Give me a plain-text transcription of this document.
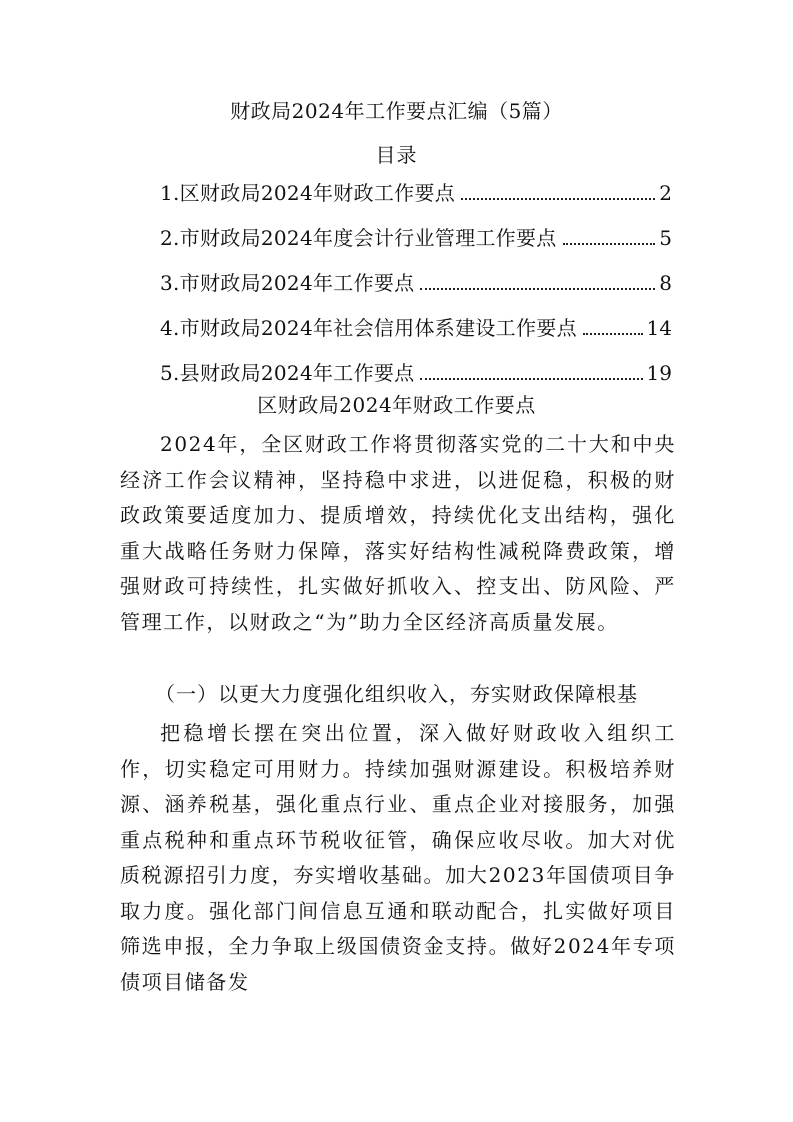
财政局2024年工作要点汇编（5篇）
目录
1.区财政局2024年财政工作要点	2
2.市财政局2024年度会计行业管理工作要点	5
3.市财政局2024年工作要点	8
4.市财政局2024年社会信用体系建设工作要点	14
5.县财政局2024年工作要点	19
区财政局2024年财政工作要点

2024年，全区财政工作将贯彻落实党的二十大和中央经济工作会议精神，坚持稳中求进，以进促稳，积极的财政政策要适度加力、提质增效，持续优化支出结构，强化重大战略任务财力保障，落实好结构性减税降费政策，增强财政可持续性，扎实做好抓收入、控支出、防风险、严管理工作，以财政之“为”助力全区经济高质量发展。

（一）以更大力度强化组织收入，夯实财政保障根基

把稳增长摆在突出位置，深入做好财政收入组织工作，切实稳定可用财力。持续加强财源建设。积极培养财源、涵养税基，强化重点行业、重点企业对接服务，加强重点税种和重点环节税收征管，确保应收尽收。加大对优质税源招引力度，夯实增收基础。加大2023年国债项目争取力度。强化部门间信息互通和联动配合，扎实做好项目筛选申报，全力争取上级国债资金支持。做好2024年专项债项目储备发
